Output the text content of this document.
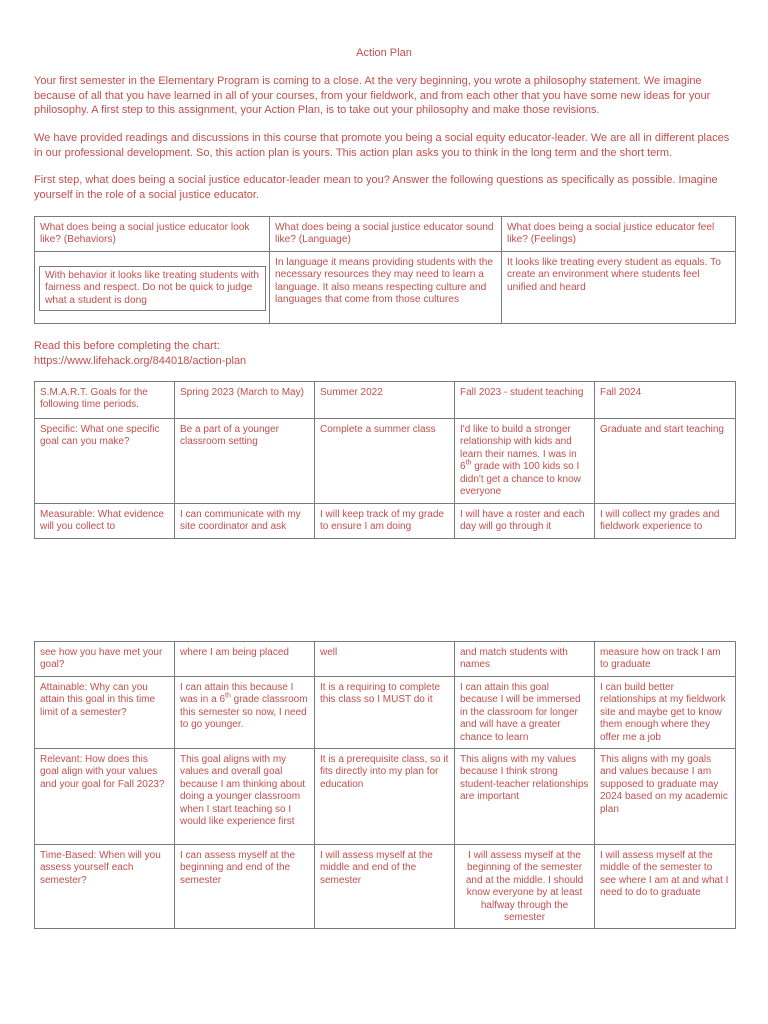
Action Plan

Your first semester in the Elementary Program is coming to a close. At the very beginning, you wrote a philosophy statement. We imagine because of all that you have learned in all of your courses, from your fieldwork, and from each other that you have some new ideas for your philosophy. A first step to this assignment, your Action Plan, is to take out your philosophy and make those revisions.

We have provided readings and discussions in this course that promote you being a social equity educator-leader. We are all in different places in our professional development. So, this action plan is yours. This action plan asks you to think in the long term and the short term.

First step, what does being a social justice educator-leader mean to you? Answer the following questions as specifically as possible. Imagine yourself in the role of a social justice educator.

What does being a social justice educator look like? (Behaviors)	What does being a social justice educator sound like? (Language)	What does being a social justice educator feel like? (Feelings)

With behavior it looks like treating students with fairness and respect. Do not be quick to judge what a student is dong	In language it means providing students with the necessary resources they may need to learn a language. It also means respecting culture and languages that come from those cultures	It looks like treating every student as equals. To create an environment where students feel unified and heard

Read this before completing the chart:
https://www.lifehack.org/844018/action-plan

S.M.A.R.T. Goals for the following time periods.	Spring 2023 (March to May)	Summer 2022	Fall 2023 - student teaching	Fall 2024
Specific: What one specific goal can you make?	Be a part of a younger classroom setting	Complete a summer class	I'd like to build a stronger relationship with kids and learn their names. I was in 6th grade with 100 kids so I didn't get a chance to know everyone	Graduate and start teaching
Measurable: What evidence will you collect to	I can communicate with my site coordinator and ask	I will keep track of my grade to ensure I am doing	I will have a roster and each day will go through it	I will collect my grades and fieldwork experience to
see how you have met your goal?	where I am being placed	well	and match students with names	measure how on track I am to graduate
Attainable: Why can you attain this goal in this time limit of a semester?	I can attain this because I was in a 6th grade classroom this semester so now, I need to go younger.	It is a requiring to complete this class so I MUST do it	I can attain this goal because I will be immersed in the classroom for longer and will have a greater chance to learn	I can build better relationships at my fieldwork site and maybe get to know them enough where they offer me a job
Relevant: How does this goal align with your values and your goal for Fall 2023?	This goal aligns with my values and overall goal because I am thinking about doing a younger classroom when I start teaching so I would like experience first	It is a prerequisite class, so it fits directly into my plan for education	This aligns with my values because I think strong student-teacher relationships are important	This aligns with my goals and values because I am supposed to graduate may 2024 based on my academic plan
Time-Based: When will you assess yourself each semester?	I can assess myself at the beginning and end of the semester	I will assess myself at the middle and end of the semester	I will assess myself at the beginning of the semester and at the middle. I should know everyone by at least halfway through the semester	I will assess myself at the middle of the semester to see where I am at and what I need to do to graduate
